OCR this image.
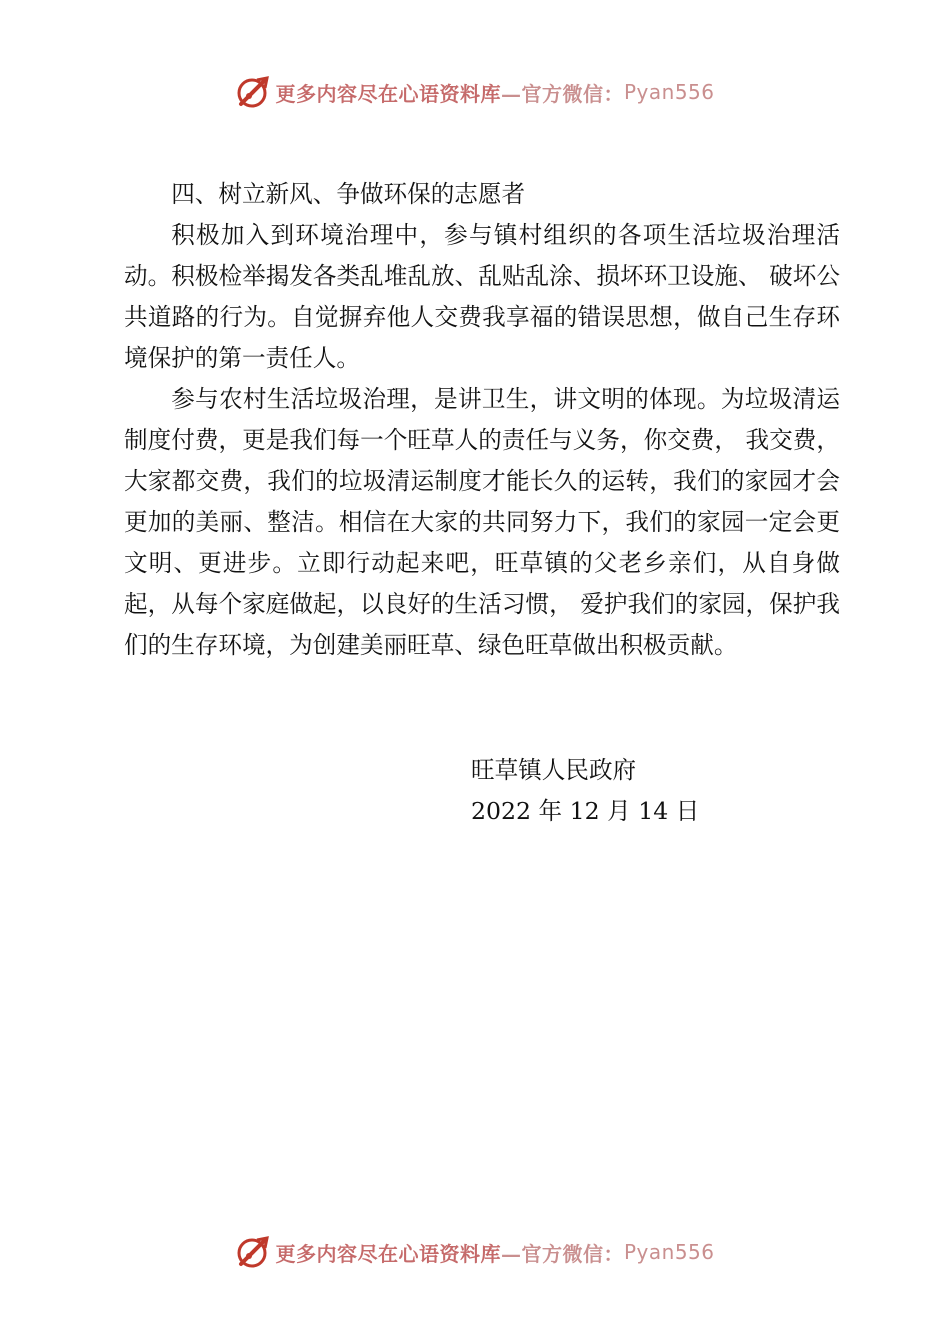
更多内容尽在心语资料库 —官方微信： Pyan556

四、树立新风、争做环保的志愿者

积极加入到环境治理中，参与镇村组织的各项生活垃圾治理活动。积极检举揭发各类乱堆乱放、乱贴乱涂、损坏环卫设施、 破坏公共道路的行为。自觉摒弃他人交费我享福的错误思想，做自己生存环境保护的第一责任人。

参与农村生活垃圾治理，是讲卫生，讲文明的体现。为垃圾清运制度付费，更是我们每一个旺草人的责任与义务，你交费， 我交费，大家都交费，我们的垃圾清运制度才能长久的运转，我们的家园才会更加的美丽、整洁。相信在大家的共同努力下，我们的家园一定会更文明、更进步。立即行动起来吧，旺草镇的父老乡亲们，从自身做起，从每个家庭做起，以良好的生活习惯， 爱护我们的家园，保护我们的生存环境，为创建美丽旺草、绿色旺草做出积极贡献。

旺草镇人民政府
2022 年 12 月 14 日
更多内容尽在心语资料库 —官方微信： Pyan556
